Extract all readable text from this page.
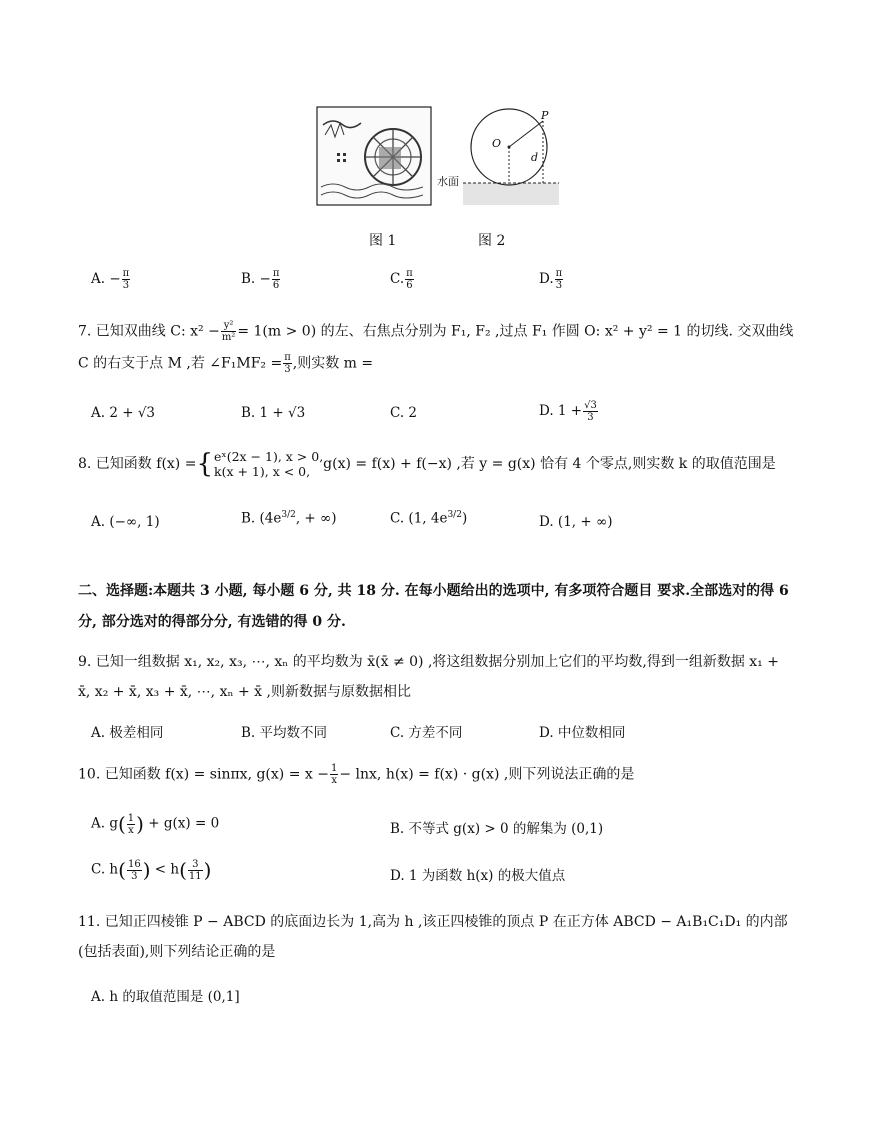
O
P
d
水面
图 1	图 2
A. − $\frac{\pi}{3}$	B. − $\frac{\pi}{6}$	C. $\frac{\pi}{6}$	D. $\frac{\pi}{3}$
7. 已知双曲线 C: $x^2 - \frac{\text{y²}}{\text{m²}} = 1(m > 0)$ 的左、右焦点分别为 F₁, F₂ ,过点 F₁ 作圆 O: x² + y² = 1 的切线. 交双曲线
C 的右支于点 M ,若 ∠F₁MF₂ = $\frac{\pi}{3}$ ,则实数 m =
A. 2 + √3	B. 1 + √3	C. 2	D. $1 + \frac{√3}{3}$
8. 已知函数 f(x) ={ eˣ(2x − 1), x > 0,
k(x + 1), x < 0, g(x) = f(x) + f(−x) ,若 y = g(x) 恰有 4 个零点,则实数 k 的取值范围是
A. (−∞, 1)	B. ($4e^{3/2}$, + ∞)	C. (1, $4e^{3/2}$)	D. (1, + ∞)
二、选择题:本题共 3 小题, 每小题 6 分, 共 18 分. 在每小题给出的选项中, 有多项符合题目 要求.全部选对的得 6
分, 部分选对的得部分分, 有选错的得 0 分.
9. 已知一组数据 x₁, x₂, x₃, ⋯, xₙ 的平均数为 x̄(x̄ ≠ 0) ,将这组数据分别加上它们的平均数,得到一组新数据 x₁ +
x̄, x₂ + x̄, x₃ + x̄, ⋯, xₙ + x̄ ,则新数据与原数据相比
A. 极差相同	B. 平均数不同	C. 方差不同	D. 中位数相同
10. 已知函数 f(x) = sinπx, $g(x) = x - \frac{1}{x} - \ln x$, h(x) = f(x) · g(x) ,则下列说法正确的是
A. $g( \frac{1}{x}$ ) + g(x) = 0	B. 不等式 g(x) > 0 的解集为 (0,1)
C. $h( \frac{16}{3}$ ) < $h( \frac{3}{11}$ )	D. 1 为函数 h(x) 的极大值点
11. 已知正四棱锥 P − ABCD 的底面边长为 1,高为 h ,该正四棱锥的顶点 P 在正方体 ABCD − A₁B₁C₁D₁ 的内部
(包括表面),则下列结论正确的是
A. h 的取值范围是 (0,1]
